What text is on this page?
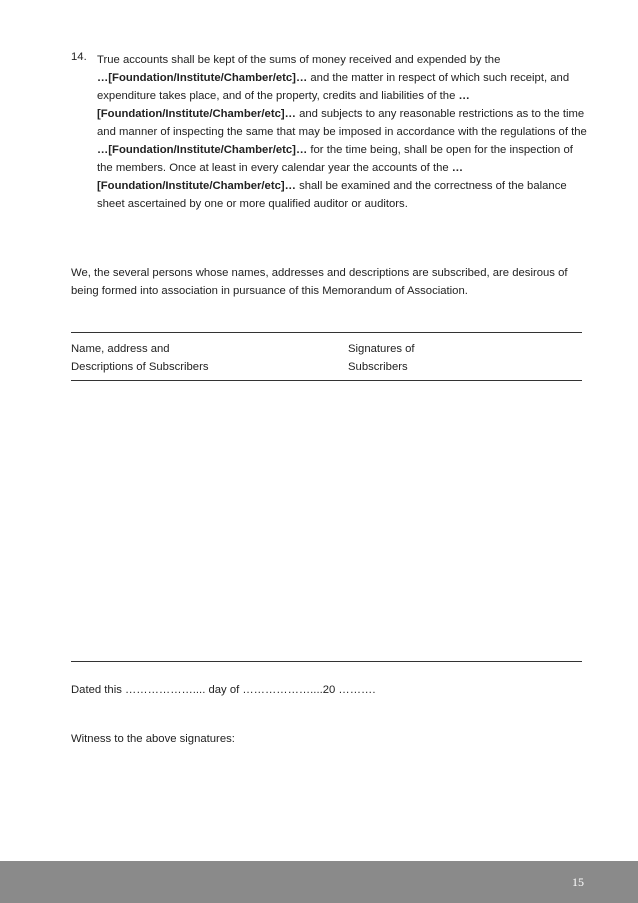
14. True accounts shall be kept of the sums of money received and expended by the
…[Foundation/Institute/Chamber/etc]… and the matter in respect of which such receipt, and expenditure takes place, and of the property, credits and liabilities of the …[Foundation/Institute/Chamber/etc]… and subjects to any reasonable restrictions as to the time and manner of inspecting the same that may be imposed in accordance with the regulations of the …[Foundation/Institute/Chamber/etc]… for the time being, shall be open for the inspection of the members. Once at least in every calendar year the accounts of the …[Foundation/Institute/Chamber/etc]… shall be examined and the correctness of the balance sheet ascertained by one or more qualified auditor or auditors.
We, the several persons whose names, addresses and descriptions are subscribed, are desirous of being formed into association in pursuance of this Memorandum of Association.
Name, address and
Descriptions of Subscribers
Signatures of
Subscribers
Dated this ……………….... day of ………………....20 ……….
Witness to the above signatures:
15
